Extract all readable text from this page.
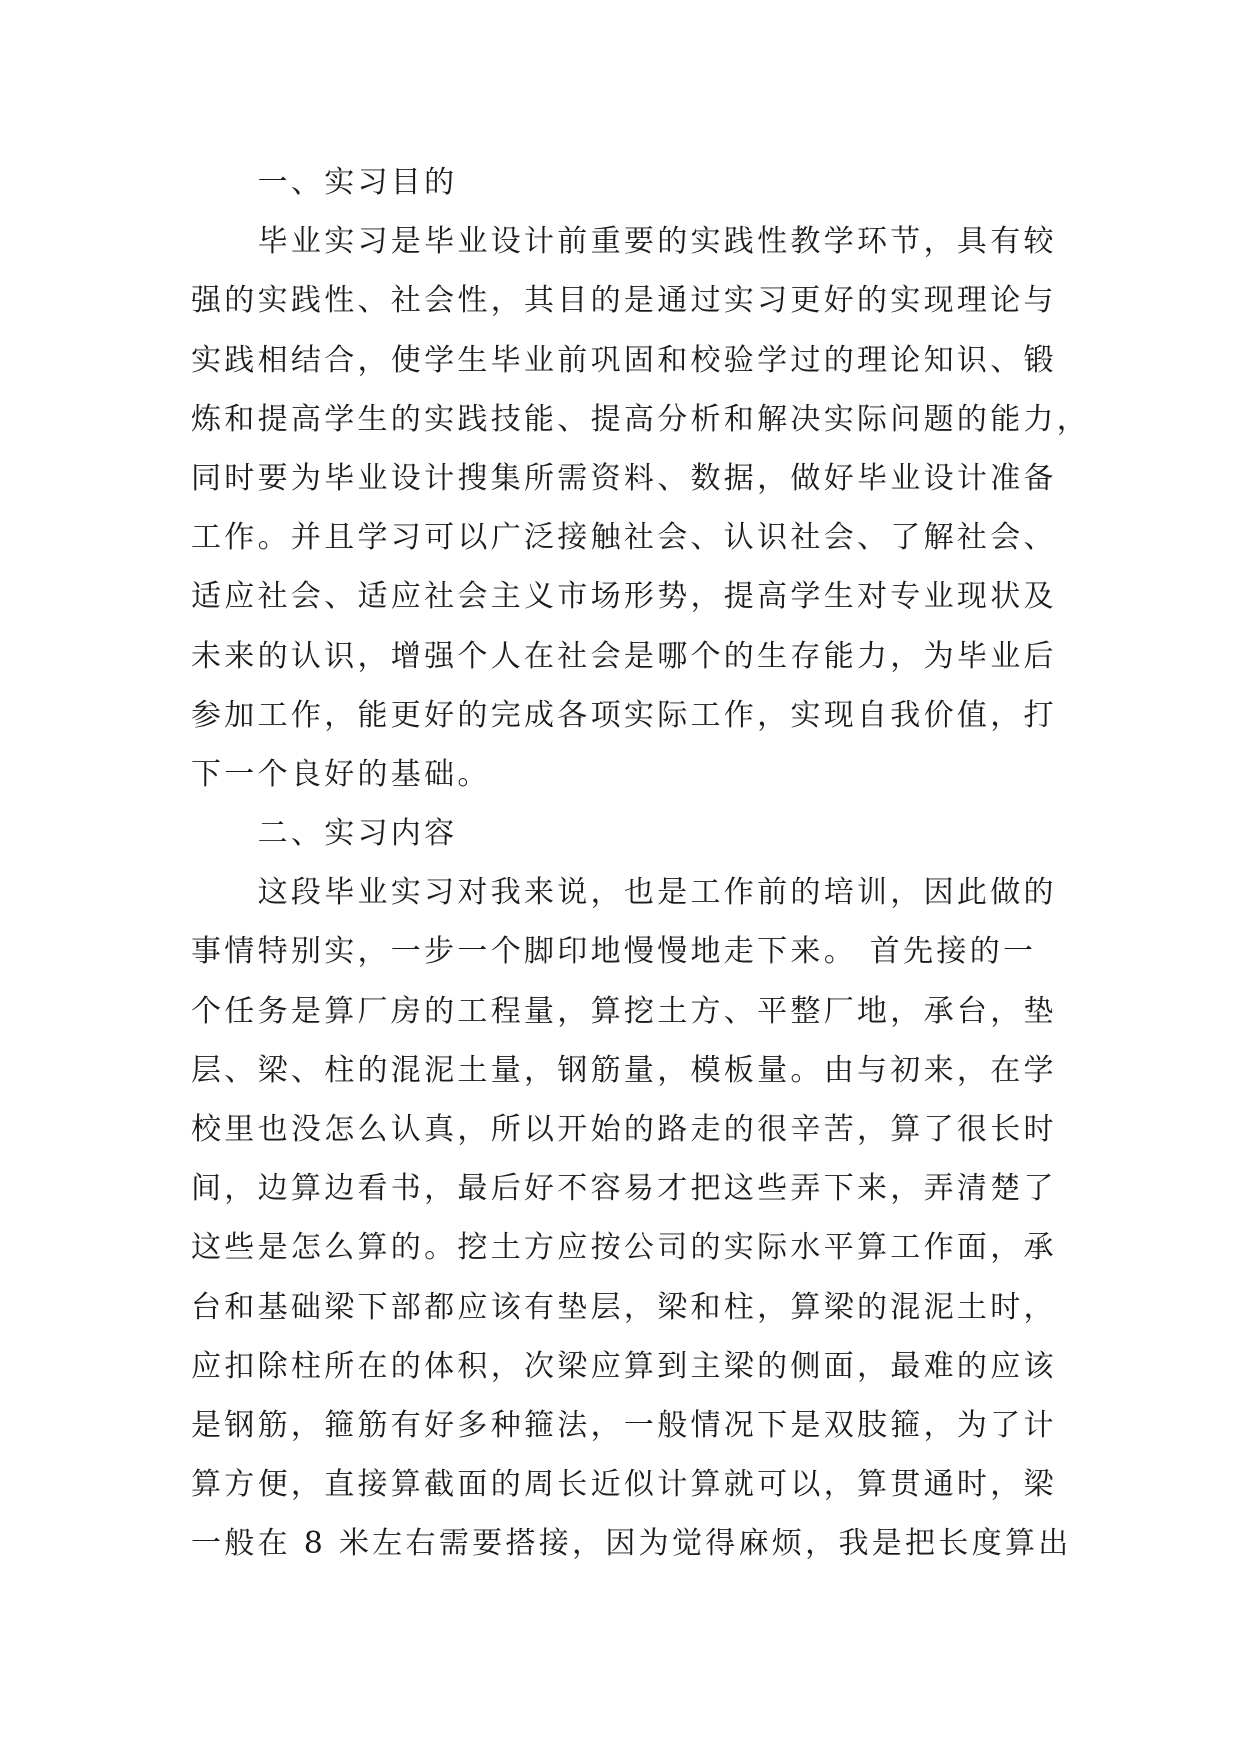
一、实习目的
毕业实习是毕业设计前重要的实践性教学环节，具有较
强的实践性、社会性，其目的是通过实习更好的实现理论与
实践相结合，使学生毕业前巩固和校验学过的理论知识、锻
炼和提高学生的实践技能、提高分析和解决实际问题的能力，
同时要为毕业设计搜集所需资料、数据，做好毕业设计准备
工作。并且学习可以广泛接触社会、认识社会、了解社会、
适应社会、适应社会主义市场形势，提高学生对专业现状及
未来的认识，增强个人在社会是哪个的生存能力，为毕业后
参加工作，能更好的完成各项实际工作，实现自我价值，打
下一个良好的基础。
二、实习内容
这段毕业实习对我来说，也是工作前的培训，因此做的
事情特别实，一步一个脚印地慢慢地走下来。 首先接的一
个任务是算厂房的工程量，算挖土方、平整厂地，承台，垫
层、梁、柱的混泥土量，钢筋量，模板量。由与初来，在学
校里也没怎么认真，所以开始的路走的很辛苦，算了很长时
间，边算边看书，最后好不容易才把这些弄下来，弄清楚了
这些是怎么算的。挖土方应按公司的实际水平算工作面，承
台和基础梁下部都应该有垫层，梁和柱，算梁的混泥土时，
应扣除柱所在的体积，次梁应算到主梁的侧面，最难的应该
是钢筋，箍筋有好多种箍法，一般情况下是双肢箍，为了计
算方便，直接算截面的周长近似计算就可以，算贯通时，梁
一般在 8 米左右需要搭接，因为觉得麻烦，我是把长度算出
